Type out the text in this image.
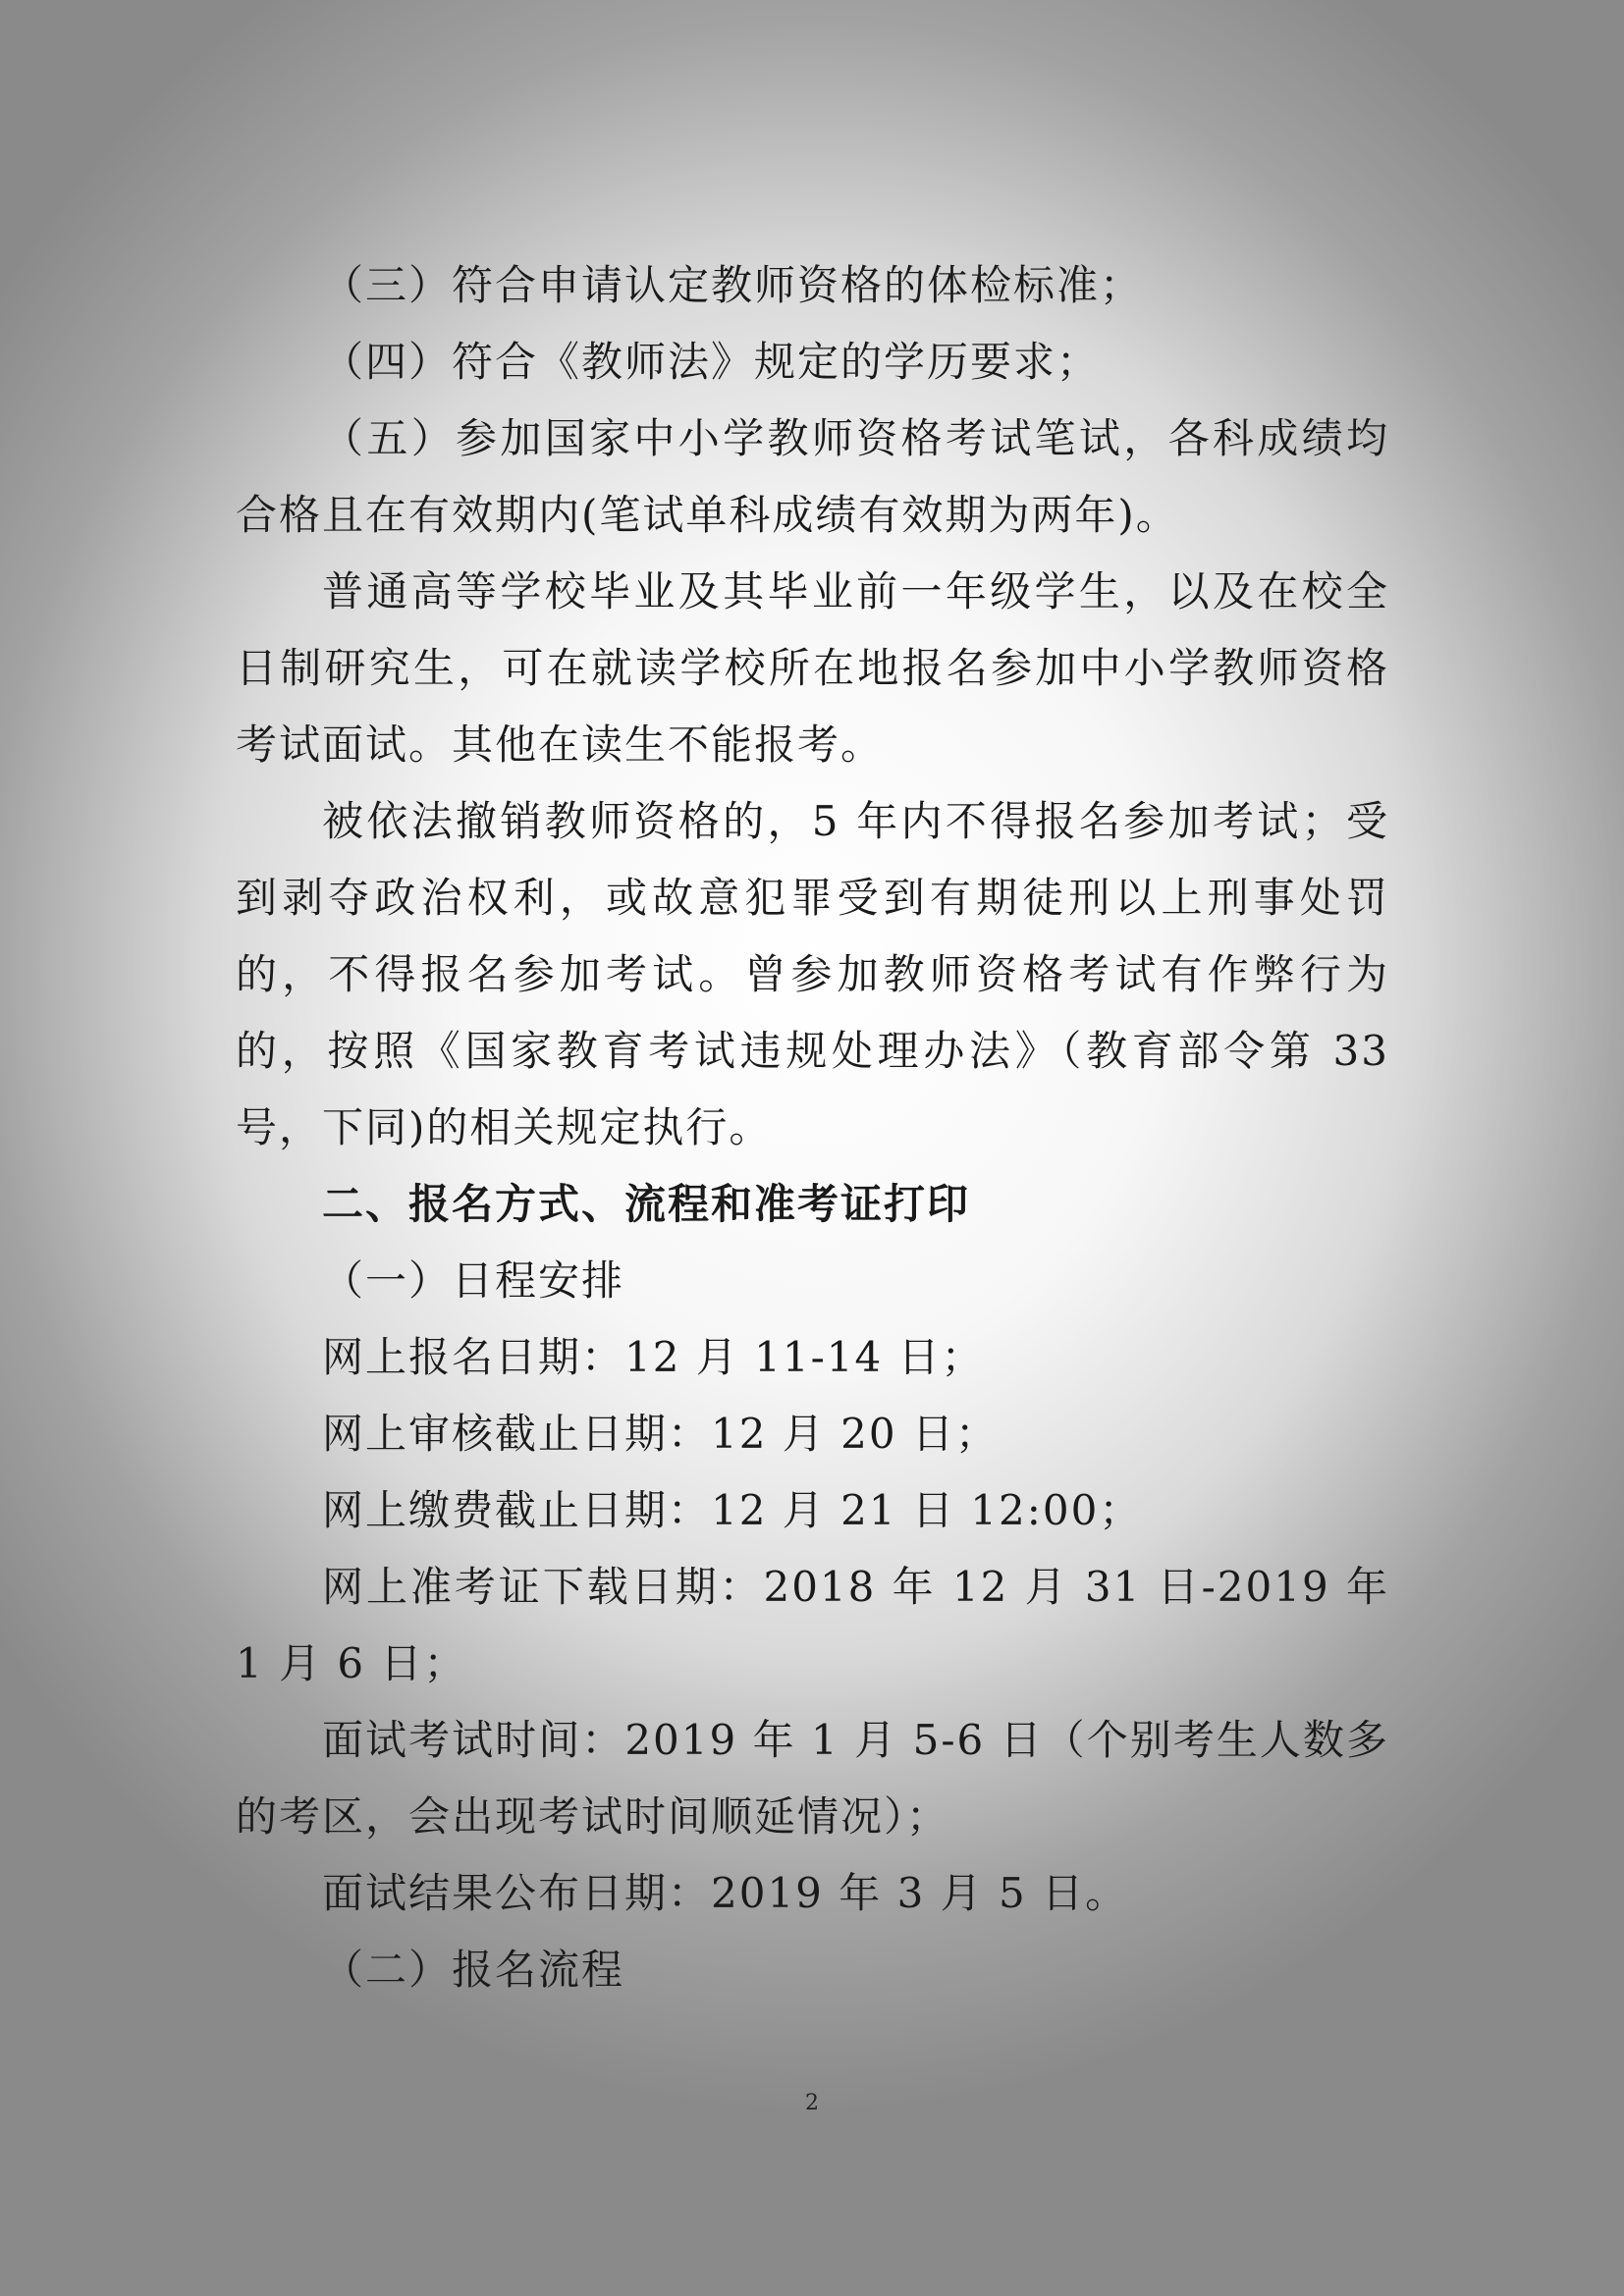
（三）符合申请认定教师资格的体检标准；

（四）符合《教师法》规定的学历要求；

（五）参加国家中小学教师资格考试笔试，各科成绩均合格且在有效期内(笔试单科成绩有效期为两年)。

普通高等学校毕业及其毕业前一年级学生，以及在校全日制研究生，可在就读学校所在地报名参加中小学教师资格考试面试。其他在读生不能报考。

被依法撤销教师资格的，5 年内不得报名参加考试；受到剥夺政治权利，或故意犯罪受到有期徒刑以上刑事处罚的，不得报名参加考试。曾参加教师资格考试有作弊行为的，按照《国家教育考试违规处理办法》（教育部令第 33 号，下同)的相关规定执行。

二、报名方式、流程和准考证打印

（一）日程安排

网上报名日期：12 月 11-14 日；

网上审核截止日期：12 月 20 日；

网上缴费截止日期：12 月 21 日 12:00；

网上准考证下载日期：2018 年 12 月 31 日-2019 年 1 月 6 日；

面试考试时间：2019 年 1 月 5-6 日（个别考生人数多的考区，会出现考试时间顺延情况）；

面试结果公布日期：2019 年 3 月 5 日。

（二）报名流程

2
